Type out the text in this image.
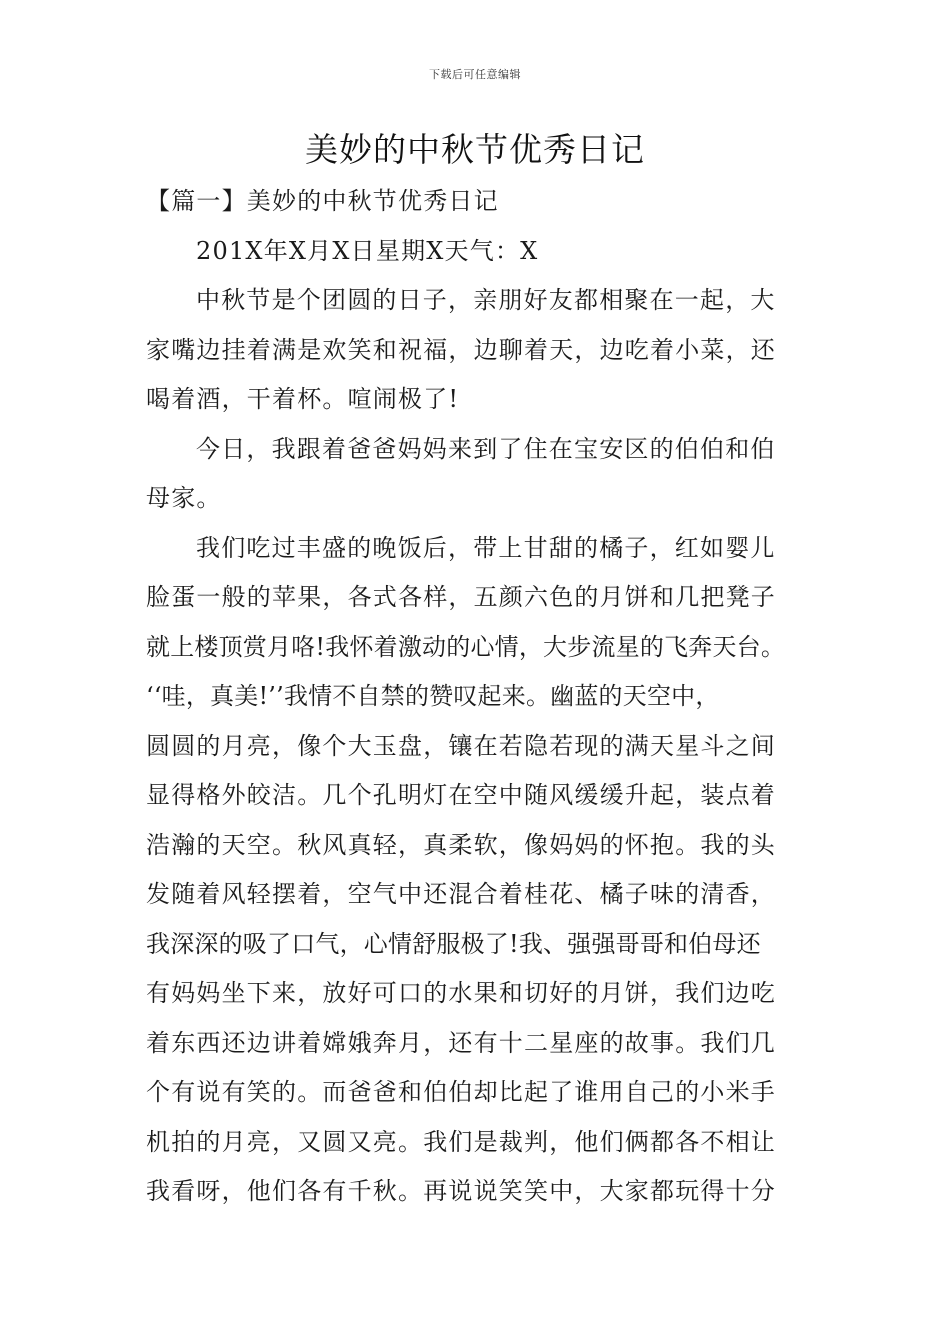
下载后可任意编辑
美妙的中秋节优秀日记
【篇一】美妙的中秋节优秀日记
201X年X月X日星期X天气：X
中秋节是个团圆的日子，亲朋好友都相聚在一起，大
家嘴边挂着满是欢笑和祝福，边聊着天，边吃着小菜，还
喝着酒，干着杯。喧闹极了!
今日，我跟着爸爸妈妈来到了住在宝安区的伯伯和伯
母家。
我们吃过丰盛的晚饭后，带上甘甜的橘子，红如婴儿
脸蛋一般的苹果，各式各样，五颜六色的月饼和几把凳子
就上楼顶赏月咯!我怀着激动的心情，大步流星的飞奔天台。
‘‘哇，真美!’’我情不自禁的赞叹起来。幽蓝的天空中，
圆圆的月亮，像个大玉盘，镶在若隐若现的满天星斗之间
显得格外皎洁。几个孔明灯在空中随风缓缓升起，装点着
浩瀚的天空。秋风真轻，真柔软，像妈妈的怀抱。我的头
发随着风轻摆着，空气中还混合着桂花、橘子味的清香，
我深深的吸了口气，心情舒服极了!我、强强哥哥和伯母还
有妈妈坐下来，放好可口的水果和切好的月饼，我们边吃
着东西还边讲着嫦娥奔月，还有十二星座的故事。我们几
个有说有笑的。而爸爸和伯伯却比起了谁用自己的小米手
机拍的月亮，又圆又亮。我们是裁判，他们俩都各不相让
我看呀，他们各有千秋。再说说笑笑中，大家都玩得十分
